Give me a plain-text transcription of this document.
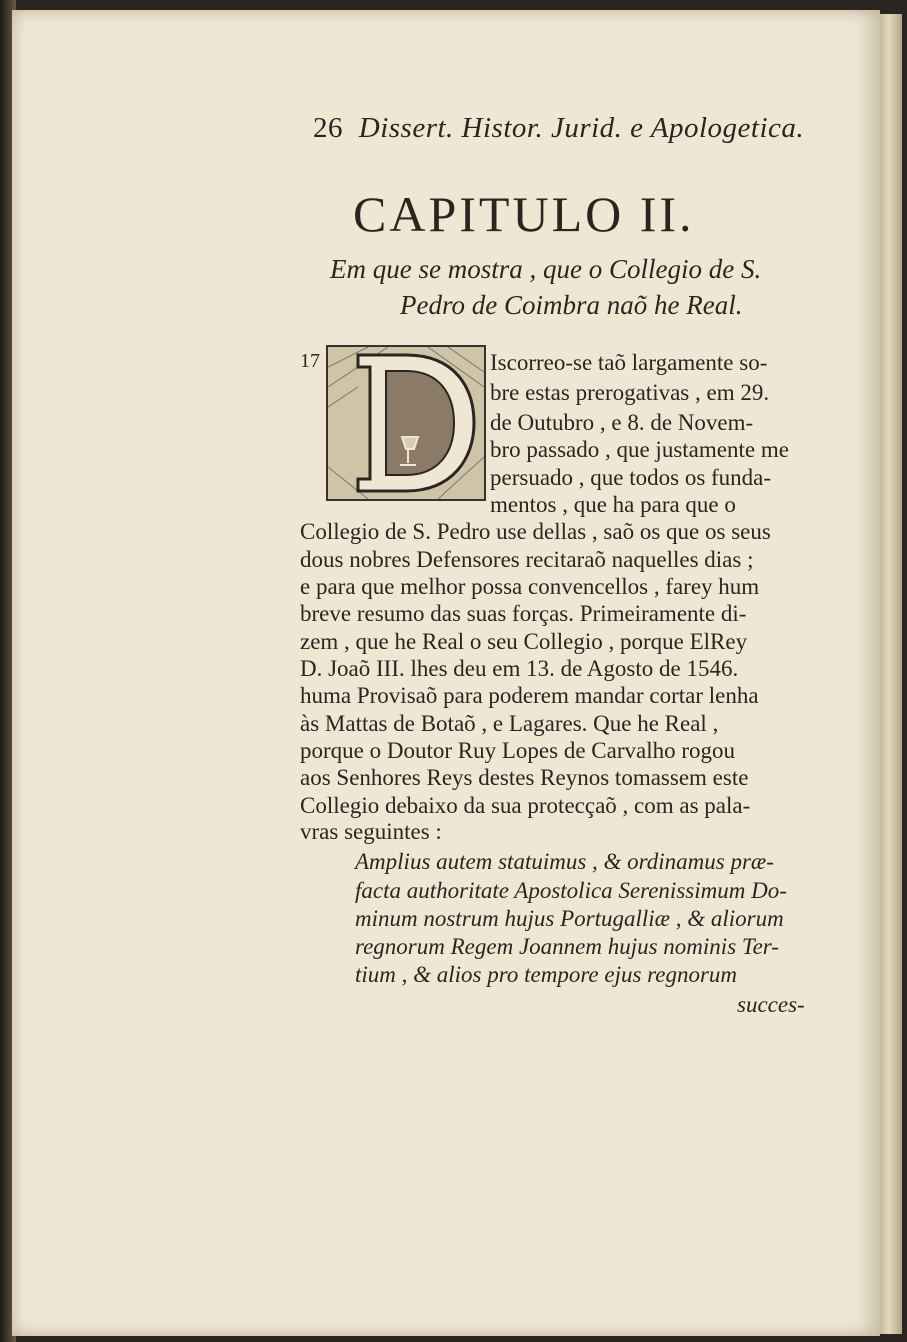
26 Dissert. Histor. Jurid. e Apologetica.
CAPITULO II.
Em que se mostra , que o Collegio de S.
Pedro de Coimbra naõ he Real.
17	Iscorreo-se taõ largamente so-
bre estas prerogativas , em 29.
de Outubro , e 8. de Novem-
bro passado , que justamente me
persuado , que todos os funda-
mentos , que ha para que o
Collegio de S. Pedro use dellas , saõ os que os seus
dous nobres Defensores recitaraõ naquelles dias ;
e para que melhor possa convencellos , farey hum
breve resumo das suas forças. Primeiramente di-
zem , que he Real o seu Collegio , porque ElRey
D. Joaõ III. lhes deu em 13. de Agosto de 1546.
huma Provisaõ para poderem mandar cortar lenha
às Mattas de Botaõ , e Lagares. Que he Real ,
porque o Doutor Ruy Lopes de Carvalho rogou
aos Senhores Reys destes Reynos tomassem este
Collegio debaixo da sua protecçaõ , com as pala-
vras seguintes :
Amplius autem statuimus , & ordinamus præ-
facta authoritate Apostolica Serenissimum Do-
minum nostrum hujus Portugalliæ , & aliorum
regnorum Regem Joannem hujus nominis Ter-
tium , & alios pro tempore ejus regnorum
succes-
